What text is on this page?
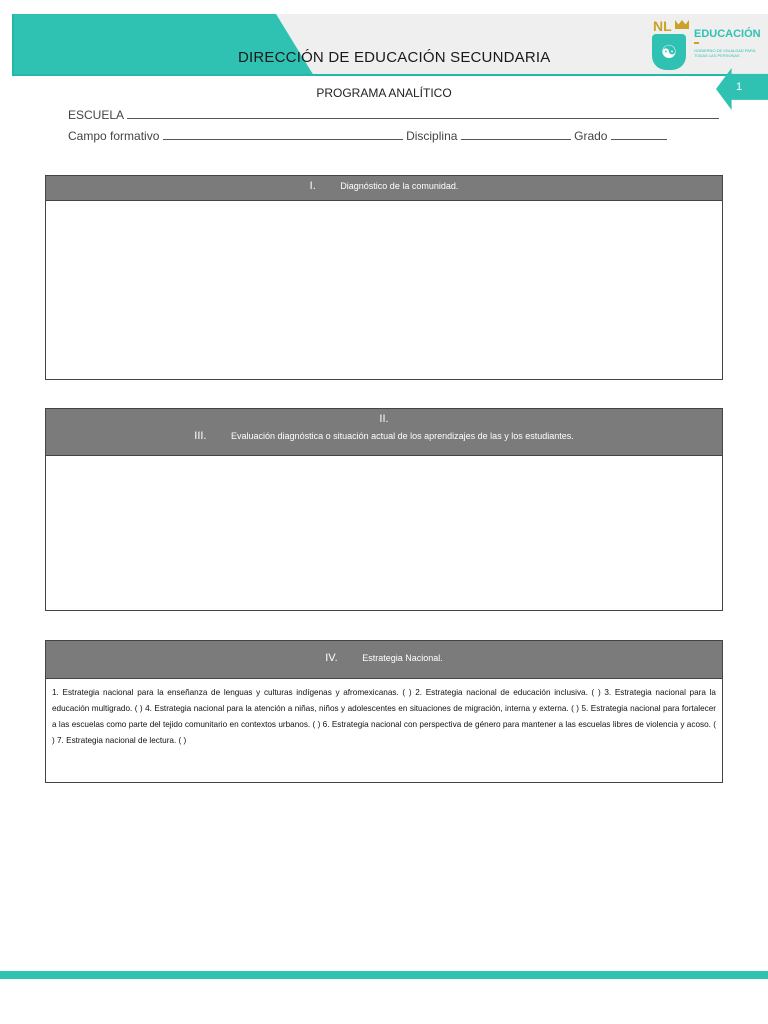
DIRECCIÓN DE EDUCACIÓN SECUNDARIA
NL
☯
EDUCACIÓN
GOBIERNO DE IGUALDAD PARA TODAS LAS PERSONAS
1
PROGRAMA ANALÍTICO
ESCUELA
Campo formativo	Disciplina	Grado
I.	Diagnóstico de la comunidad.
II.
III.	Evaluación diagnóstica o situación actual de los aprendizajes de las y los estudiantes.
IV.	Estrategia Nacional.
1. Estrategia nacional para la enseñanza de lenguas y culturas indígenas y afromexicanas. ( ) 2. Estrategia nacional de educación inclusiva. ( ) 3. Estrategia nacional para la educación multigrado. ( ) 4. Estrategia nacional para la atención a niñas, niños y adolescentes en situaciones de migración, interna y externa. ( ) 5. Estrategia nacional para fortalecer a las escuelas como parte del tejido comunitario en contextos urbanos. ( ) 6. Estrategia nacional con perspectiva de género para mantener a las escuelas libres de violencia y acoso. ( ) 7. Estrategia nacional de lectura. ( )
